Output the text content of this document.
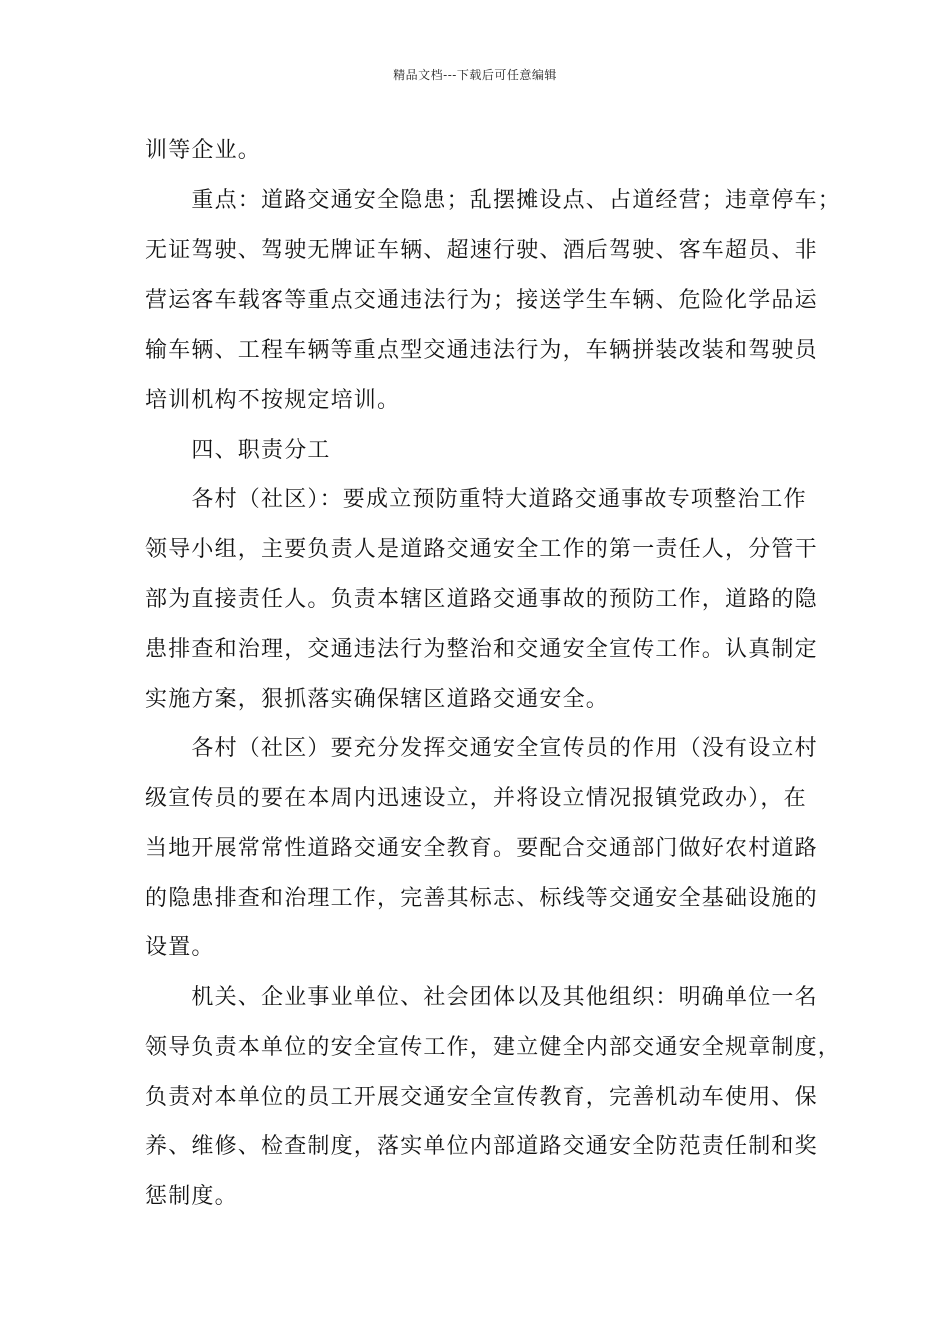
精品文档---下载后可任意编辑
训等企业。
　　重点：道路交通安全隐患；乱摆摊设点、占道经营；违章停车；
无证驾驶、驾驶无牌证车辆、超速行驶、酒后驾驶、客车超员、非
营运客车载客等重点交通违法行为；接送学生车辆、危险化学品运
输车辆、工程车辆等重点型交通违法行为，车辆拼装改装和驾驶员
培训机构不按规定培训。
　　四、职责分工
　　各村（社区）：要成立预防重特大道路交通事故专项整治工作
领导小组，主要负责人是道路交通安全工作的第一责任人，分管干
部为直接责任人。负责本辖区道路交通事故的预防工作，道路的隐
患排查和治理，交通违法行为整治和交通安全宣传工作。认真制定
实施方案，狠抓落实确保辖区道路交通安全。
　　各村（社区）要充分发挥交通安全宣传员的作用（没有设立村
级宣传员的要在本周内迅速设立，并将设立情况报镇党政办），在
当地开展常常性道路交通安全教育。要配合交通部门做好农村道路
的隐患排查和治理工作，完善其标志、标线等交通安全基础设施的
设置。
　　机关、企业事业单位、社会团体以及其他组织：明确单位一名
领导负责本单位的安全宣传工作，建立健全内部交通安全规章制度，
负责对本单位的员工开展交通安全宣传教育，完善机动车使用、保
养、维修、检查制度，落实单位内部道路交通安全防范责任制和奖
惩制度。
